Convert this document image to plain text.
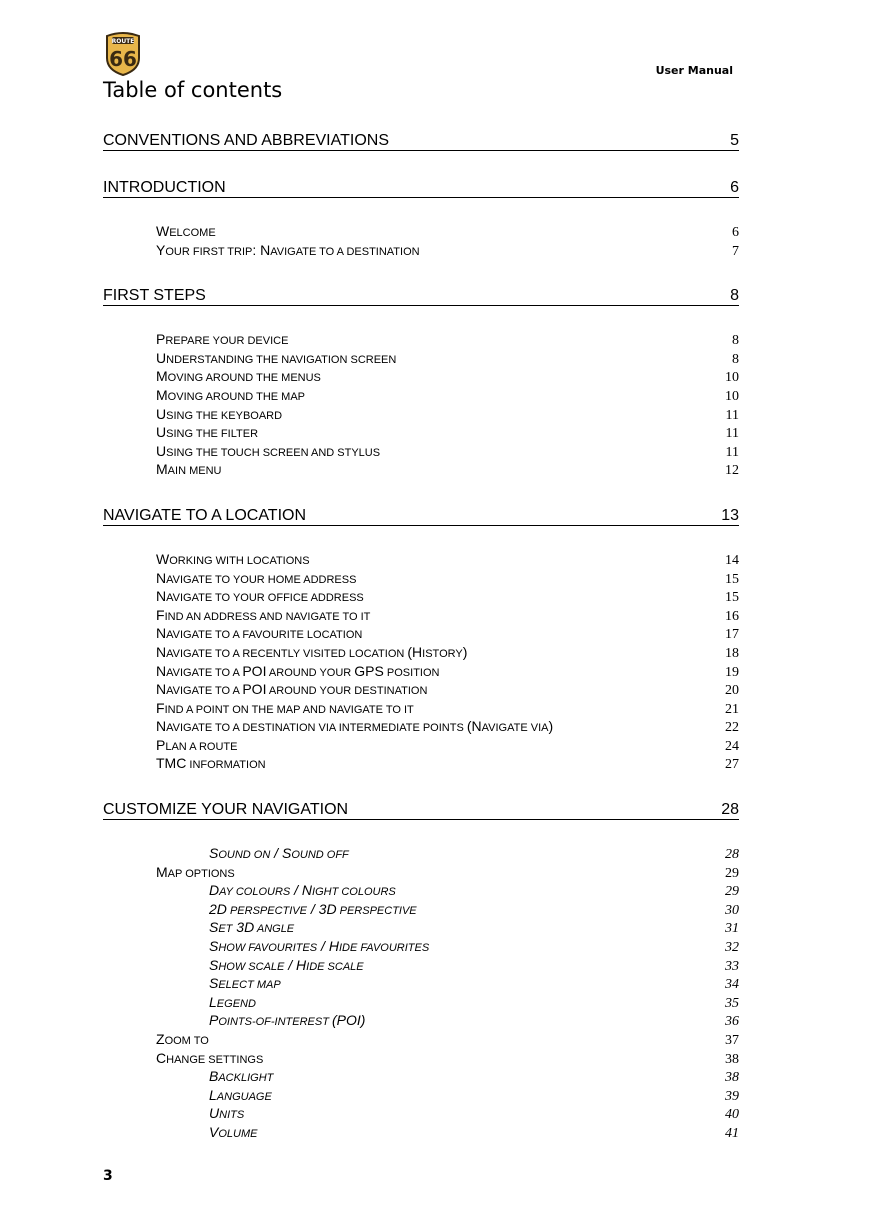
ROUTE
66	User Manual
Table of contents
CONVENTIONS AND ABBREVIATIONS	5
INTRODUCTION	6
WELCOME	6
YOUR FIRST TRIP: NAVIGATE TO A DESTINATION	7
FIRST STEPS	8
PREPARE YOUR DEVICE	8
UNDERSTANDING THE NAVIGATION SCREEN	8
MOVING AROUND THE MENUS	10
MOVING AROUND THE MAP	10
USING THE KEYBOARD	11
USING THE FILTER	11
USING THE TOUCH SCREEN AND STYLUS	11
MAIN MENU	12
NAVIGATE TO A LOCATION	13
WORKING WITH LOCATIONS	14
NAVIGATE TO YOUR HOME ADDRESS	15
NAVIGATE TO YOUR OFFICE ADDRESS	15
FIND AN ADDRESS AND NAVIGATE TO IT	16
NAVIGATE TO A FAVOURITE LOCATION	17
NAVIGATE TO A RECENTLY VISITED LOCATION (HISTORY)	18
NAVIGATE TO A POI AROUND YOUR GPS POSITION	19
NAVIGATE TO A POI AROUND YOUR DESTINATION	20
FIND A POINT ON THE MAP AND NAVIGATE TO IT	21
NAVIGATE TO A DESTINATION VIA INTERMEDIATE POINTS (NAVIGATE VIA)	22
PLAN A ROUTE	24
TMC INFORMATION	27
CUSTOMIZE YOUR NAVIGATION	28
SOUND ON / SOUND OFF	28
MAP OPTIONS	29
DAY COLOURS / NIGHT COLOURS	29
2D PERSPECTIVE / 3D PERSPECTIVE	30
SET 3D ANGLE	31
SHOW FAVOURITES / HIDE FAVOURITES	32
SHOW SCALE / HIDE SCALE	33
SELECT MAP	34
LEGEND	35
POINTS-OF-INTEREST (POI)	36
ZOOM TO	37
CHANGE SETTINGS	38
BACKLIGHT	38
LANGUAGE	39
UNITS	40
VOLUME	41
3
